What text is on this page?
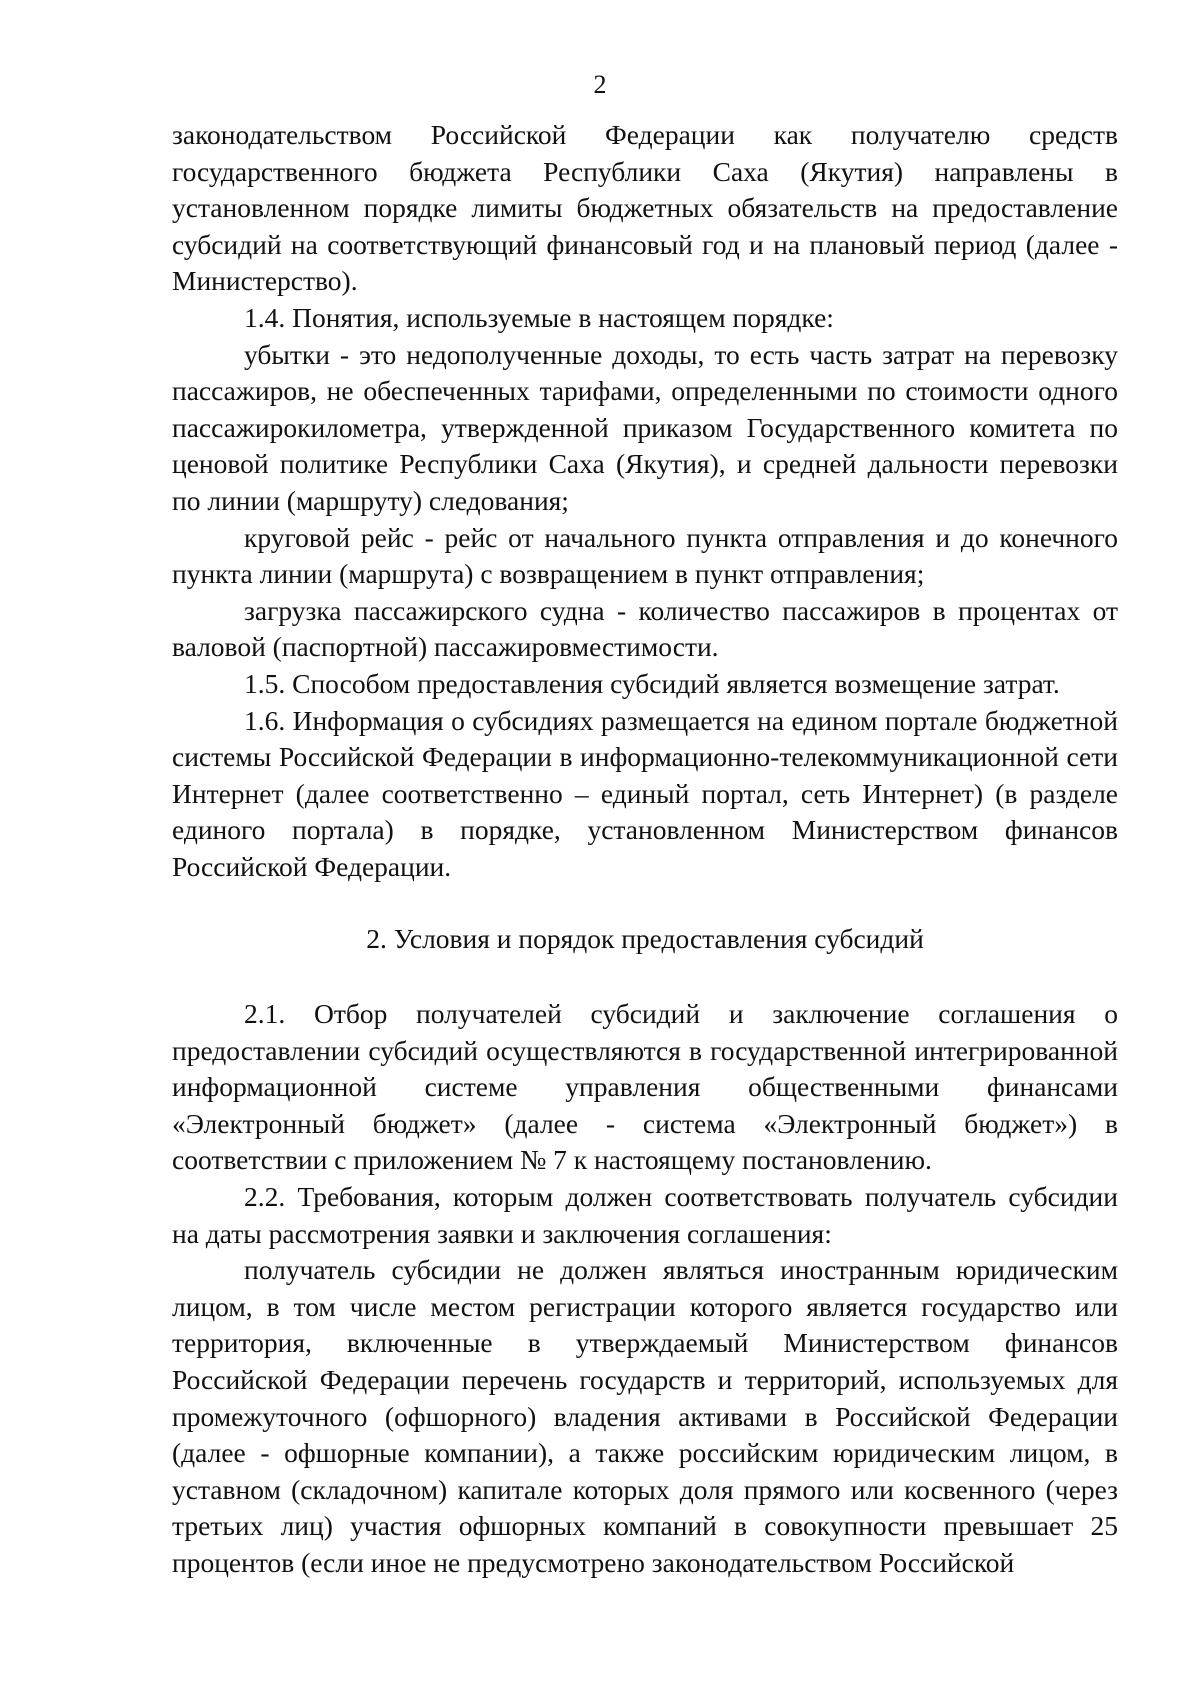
2

законодательством Российской Федерации как получателю средств государственного бюджета Республики Саха (Якутия) направлены в установленном порядке лимиты бюджетных обязательств на предоставление субсидий на соответствующий финансовый год и на плановый период (далее - Министерство).

1.4. Понятия, используемые в настоящем порядке:

убытки - это недополученные доходы, то есть часть затрат на перевозку пассажиров, не обеспеченных тарифами, определенными по стоимости одного пассажирокилометра, утвержденной приказом Государственного комитета по ценовой политике Республики Саха (Якутия), и средней дальности перевозки по линии (маршруту) следования;

круговой рейс - рейс от начального пункта отправления и до конечного пункта линии (маршрута) с возвращением в пункт отправления;

загрузка пассажирского судна - количество пассажиров в процентах от валовой (паспортной) пассажировместимости.

1.5. Способом предоставления субсидий является возмещение затрат.

1.6. Информация о субсидиях размещается на едином портале бюджетной системы Российской Федерации в информационно-телекоммуникационной сети Интернет (далее соответственно – единый портал, сеть Интернет) (в разделе единого портала) в порядке, установленном Министерством финансов Российской Федерации.

2. Условия и порядок предоставления субсидий

2.1. Отбор получателей субсидий и заключение соглашения о предоставлении субсидий осуществляются в государственной интегрированной информационной системе управления общественными финансами «Электронный бюджет» (далее - система «Электронный бюджет») в соответствии с приложением № 7 к настоящему постановлению.

2.2. Требования, которым должен соответствовать получатель субсидии на даты рассмотрения заявки и заключения соглашения:

получатель субсидии не должен являться иностранным юридическим лицом, в том числе местом регистрации которого является государство или территория, включенные в утверждаемый Министерством финансов Российской Федерации перечень государств и территорий, используемых для промежуточного (офшорного) владения активами в Российской Федерации (далее - офшорные компании), а также российским юридическим лицом, в уставном (складочном) капитале которых доля прямого или косвенного (через третьих лиц) участия офшорных компаний в совокупности превышает 25 процентов (если иное не предусмотрено законодательством Российской
